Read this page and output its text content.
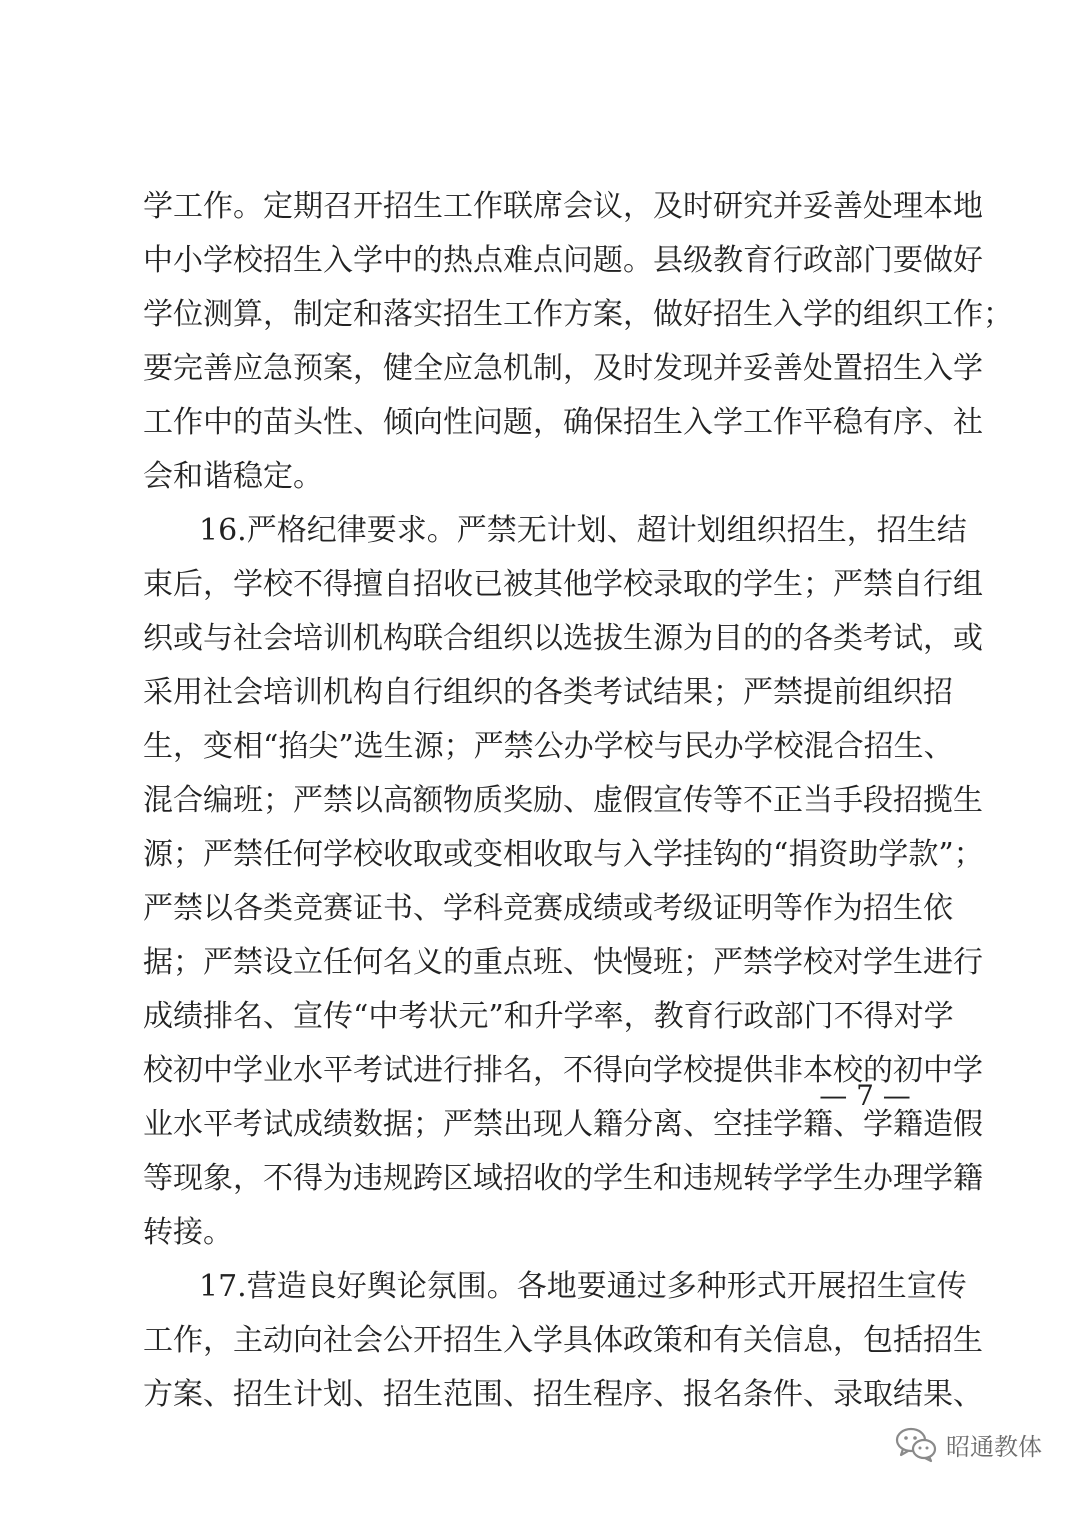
学工作。定期召开招生工作联席会议，及时研究并妥善处理本地
中小学校招生入学中的热点难点问题。县级教育行政部门要做好
学位测算，制定和落实招生工作方案，做好招生入学的组织工作；
要完善应急预案，健全应急机制，及时发现并妥善处置招生入学
工作中的苗头性、倾向性问题，确保招生入学工作平稳有序、社
会和谐稳定。
16.严格纪律要求。严禁无计划、超计划组织招生，招生结
束后，学校不得擅自招收已被其他学校录取的学生；严禁自行组
织或与社会培训机构联合组织以选拔生源为目的的各类考试，或
采用社会培训机构自行组织的各类考试结果；严禁提前组织招
生，变相“掐尖”选生源；严禁公办学校与民办学校混合招生、
混合编班；严禁以高额物质奖励、虚假宣传等不正当手段招揽生
源；严禁任何学校收取或变相收取与入学挂钩的“捐资助学款”；
严禁以各类竞赛证书、学科竞赛成绩或考级证明等作为招生依
据；严禁设立任何名义的重点班、快慢班；严禁学校对学生进行
成绩排名、宣传“中考状元”和升学率，教育行政部门不得对学
校初中学业水平考试进行排名，不得向学校提供非本校的初中学
业水平考试成绩数据；严禁出现人籍分离、空挂学籍、学籍造假
等现象，不得为违规跨区域招收的学生和违规转学学生办理学籍
转接。
17.营造良好舆论氛围。各地要通过多种形式开展招生宣传
工作，主动向社会公开招生入学具体政策和有关信息，包括招生
方案、招生计划、招生范围、招生程序、报名条件、录取结果、
— 7 —
昭通教体
